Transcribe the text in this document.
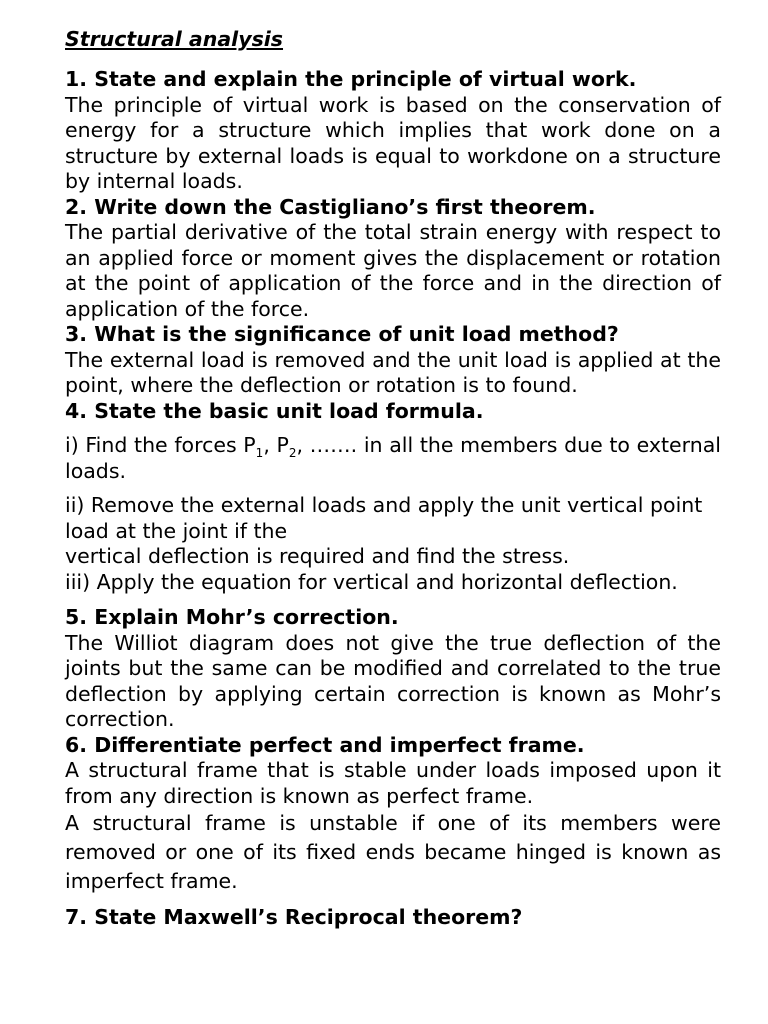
Structural analysis

1. State and explain the principle of virtual work.

The principle of virtual work is based on the conservation of energy for a structure which implies that work done on a structure by external loads is equal to workdone on a structure by internal loads.

2. Write down the Castigliano’s first theorem.

The partial derivative of the total strain energy with respect to an applied force or moment gives the displacement or rotation at the point of application of the force and in the direction of application of the force.

3. What is the significance of unit load method?

The external load is removed and the unit load is applied at the point, where the deflection or rotation is to found.

4. State the basic unit load formula.

i) Find the forces $P_1$, $P_2$, ……. in all the members due to external loads.

ii) Remove the external loads and apply the unit vertical point load at the joint if the

vertical deflection is required and find the stress.

iii) Apply the equation for vertical and horizontal deflection.

5. Explain Mohr’s correction.

The Williot diagram does not give the true deflection of the joints but the same can be modified and correlated to the true deflection by applying certain correction is known as Mohr’s correction.

6. Differentiate perfect and imperfect frame.

A structural frame that is stable under loads imposed upon it from any direction is known as perfect frame.

A structural frame is unstable if one of its members were removed or one of its fixed ends became hinged is known as imperfect frame.

7. State Maxwell’s Reciprocal theorem?
